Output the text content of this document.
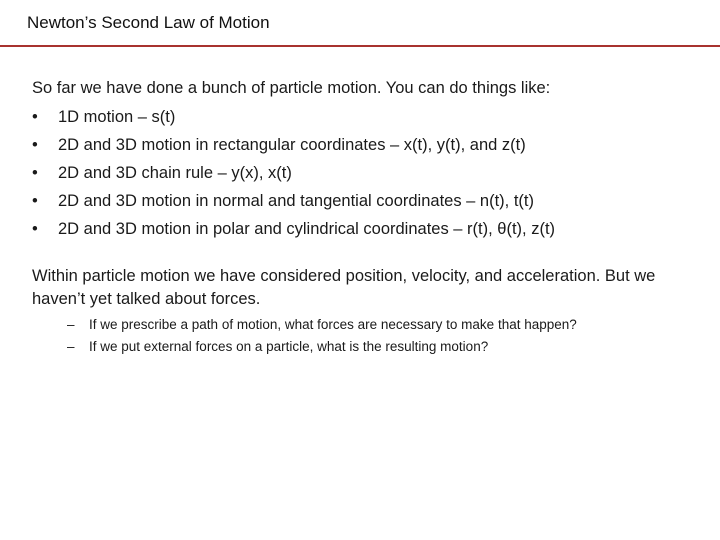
Newton’s Second Law of Motion

So far we have done a bunch of particle motion. You can do things like:

•	1D motion – s(t)
•	2D and 3D motion in rectangular coordinates – x(t), y(t), and z(t)
•	2D and 3D chain rule – y(x), x(t)
•	2D and 3D motion in normal and tangential coordinates – n(t), t(t)
•	2D and 3D motion in polar and cylindrical coordinates – r(t), θ(t), z(t)

Within particle motion we have considered position, velocity, and acceleration. But we haven’t yet talked about forces.

– If we prescribe a path of motion, what forces are necessary to make that happen?
– If we put external forces on a particle, what is the resulting motion?
